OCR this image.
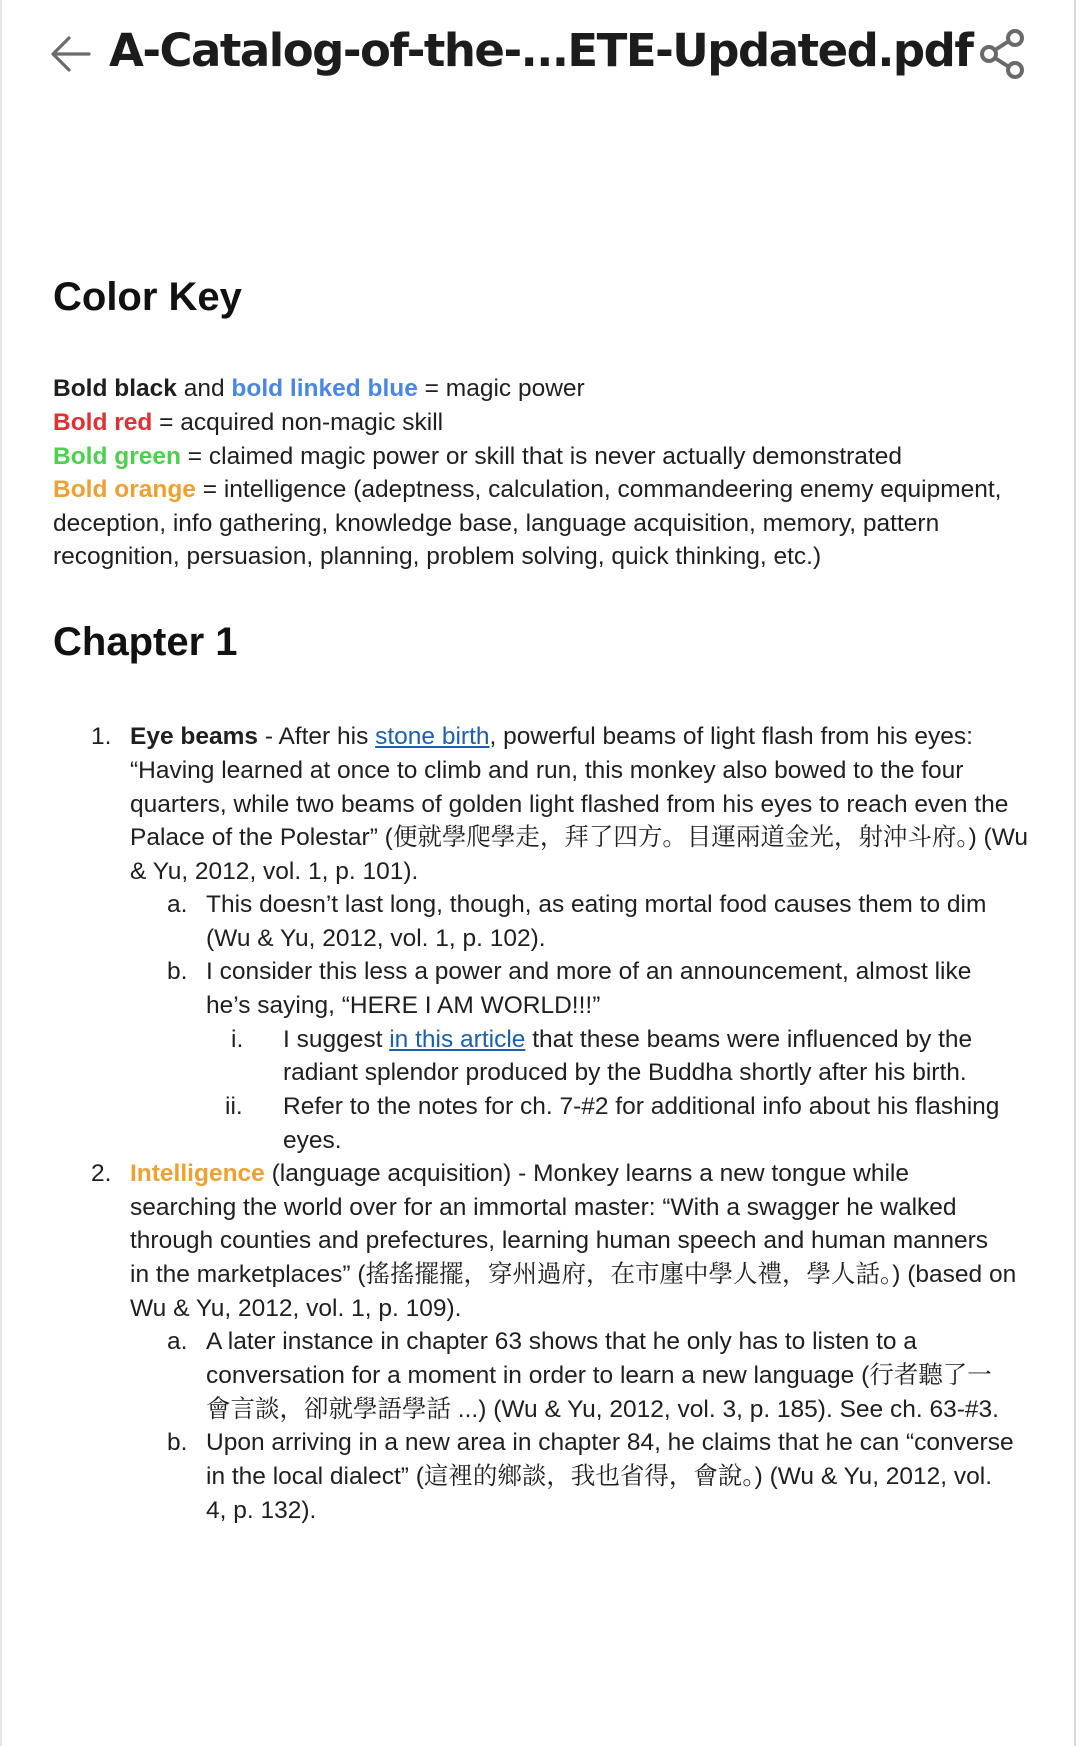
A-Catalog-of-the-...ETE-Updated.pdf
Color Key
Bold black and bold linked blue = magic power
Bold red = acquired non-magic skill
Bold green = claimed magic power or skill that is never actually demonstrated
Bold orange = intelligence (adeptness, calculation, commandeering enemy equipment,
deception, info gathering, knowledge base, language acquisition, memory, pattern
recognition, persuasion, planning, problem solving, quick thinking, etc.)
Chapter 1
1. Eye beams - After his stone birth, powerful beams of light flash from his eyes:
“Having learned at once to climb and run, this monkey also bowed to the four
quarters, while two beams of golden light flashed from his eyes to reach even the
Palace of the Polestar” (便就學爬學走，拜了四方。目運兩道金光，射沖斗府。) (Wu
& Yu, 2012, vol. 1, p. 101).
a. This doesn’t last long, though, as eating mortal food causes them to dim
(Wu & Yu, 2012, vol. 1, p. 102).
b. I consider this less a power and more of an announcement, almost like
he’s saying, “HERE I AM WORLD!!!”
i. I suggest in this article that these beams were influenced by the
radiant splendor produced by the Buddha shortly after his birth.
ii. Refer to the notes for ch. 7-#2 for additional info about his flashing
eyes.
2. Intelligence (language acquisition) - Monkey learns a new tongue while
searching the world over for an immortal master: “With a swagger he walked
through counties and prefectures, learning human speech and human manners
in the marketplaces” (搖搖擺擺，穿州過府，在市廛中學人禮，學人話。) (based on
Wu & Yu, 2012, vol. 1, p. 109).
a. A later instance in chapter 63 shows that he only has to listen to a
conversation for a moment in order to learn a new language (行者聽了一
會言談，卻就學語學話 ...) (Wu & Yu, 2012, vol. 3, p. 185). See ch. 63-#3.
b. Upon arriving in a new area in chapter 84, he claims that he can “converse
in the local dialect” (這裡的鄉談，我也省得，會說。) (Wu & Yu, 2012, vol.
4, p. 132).
